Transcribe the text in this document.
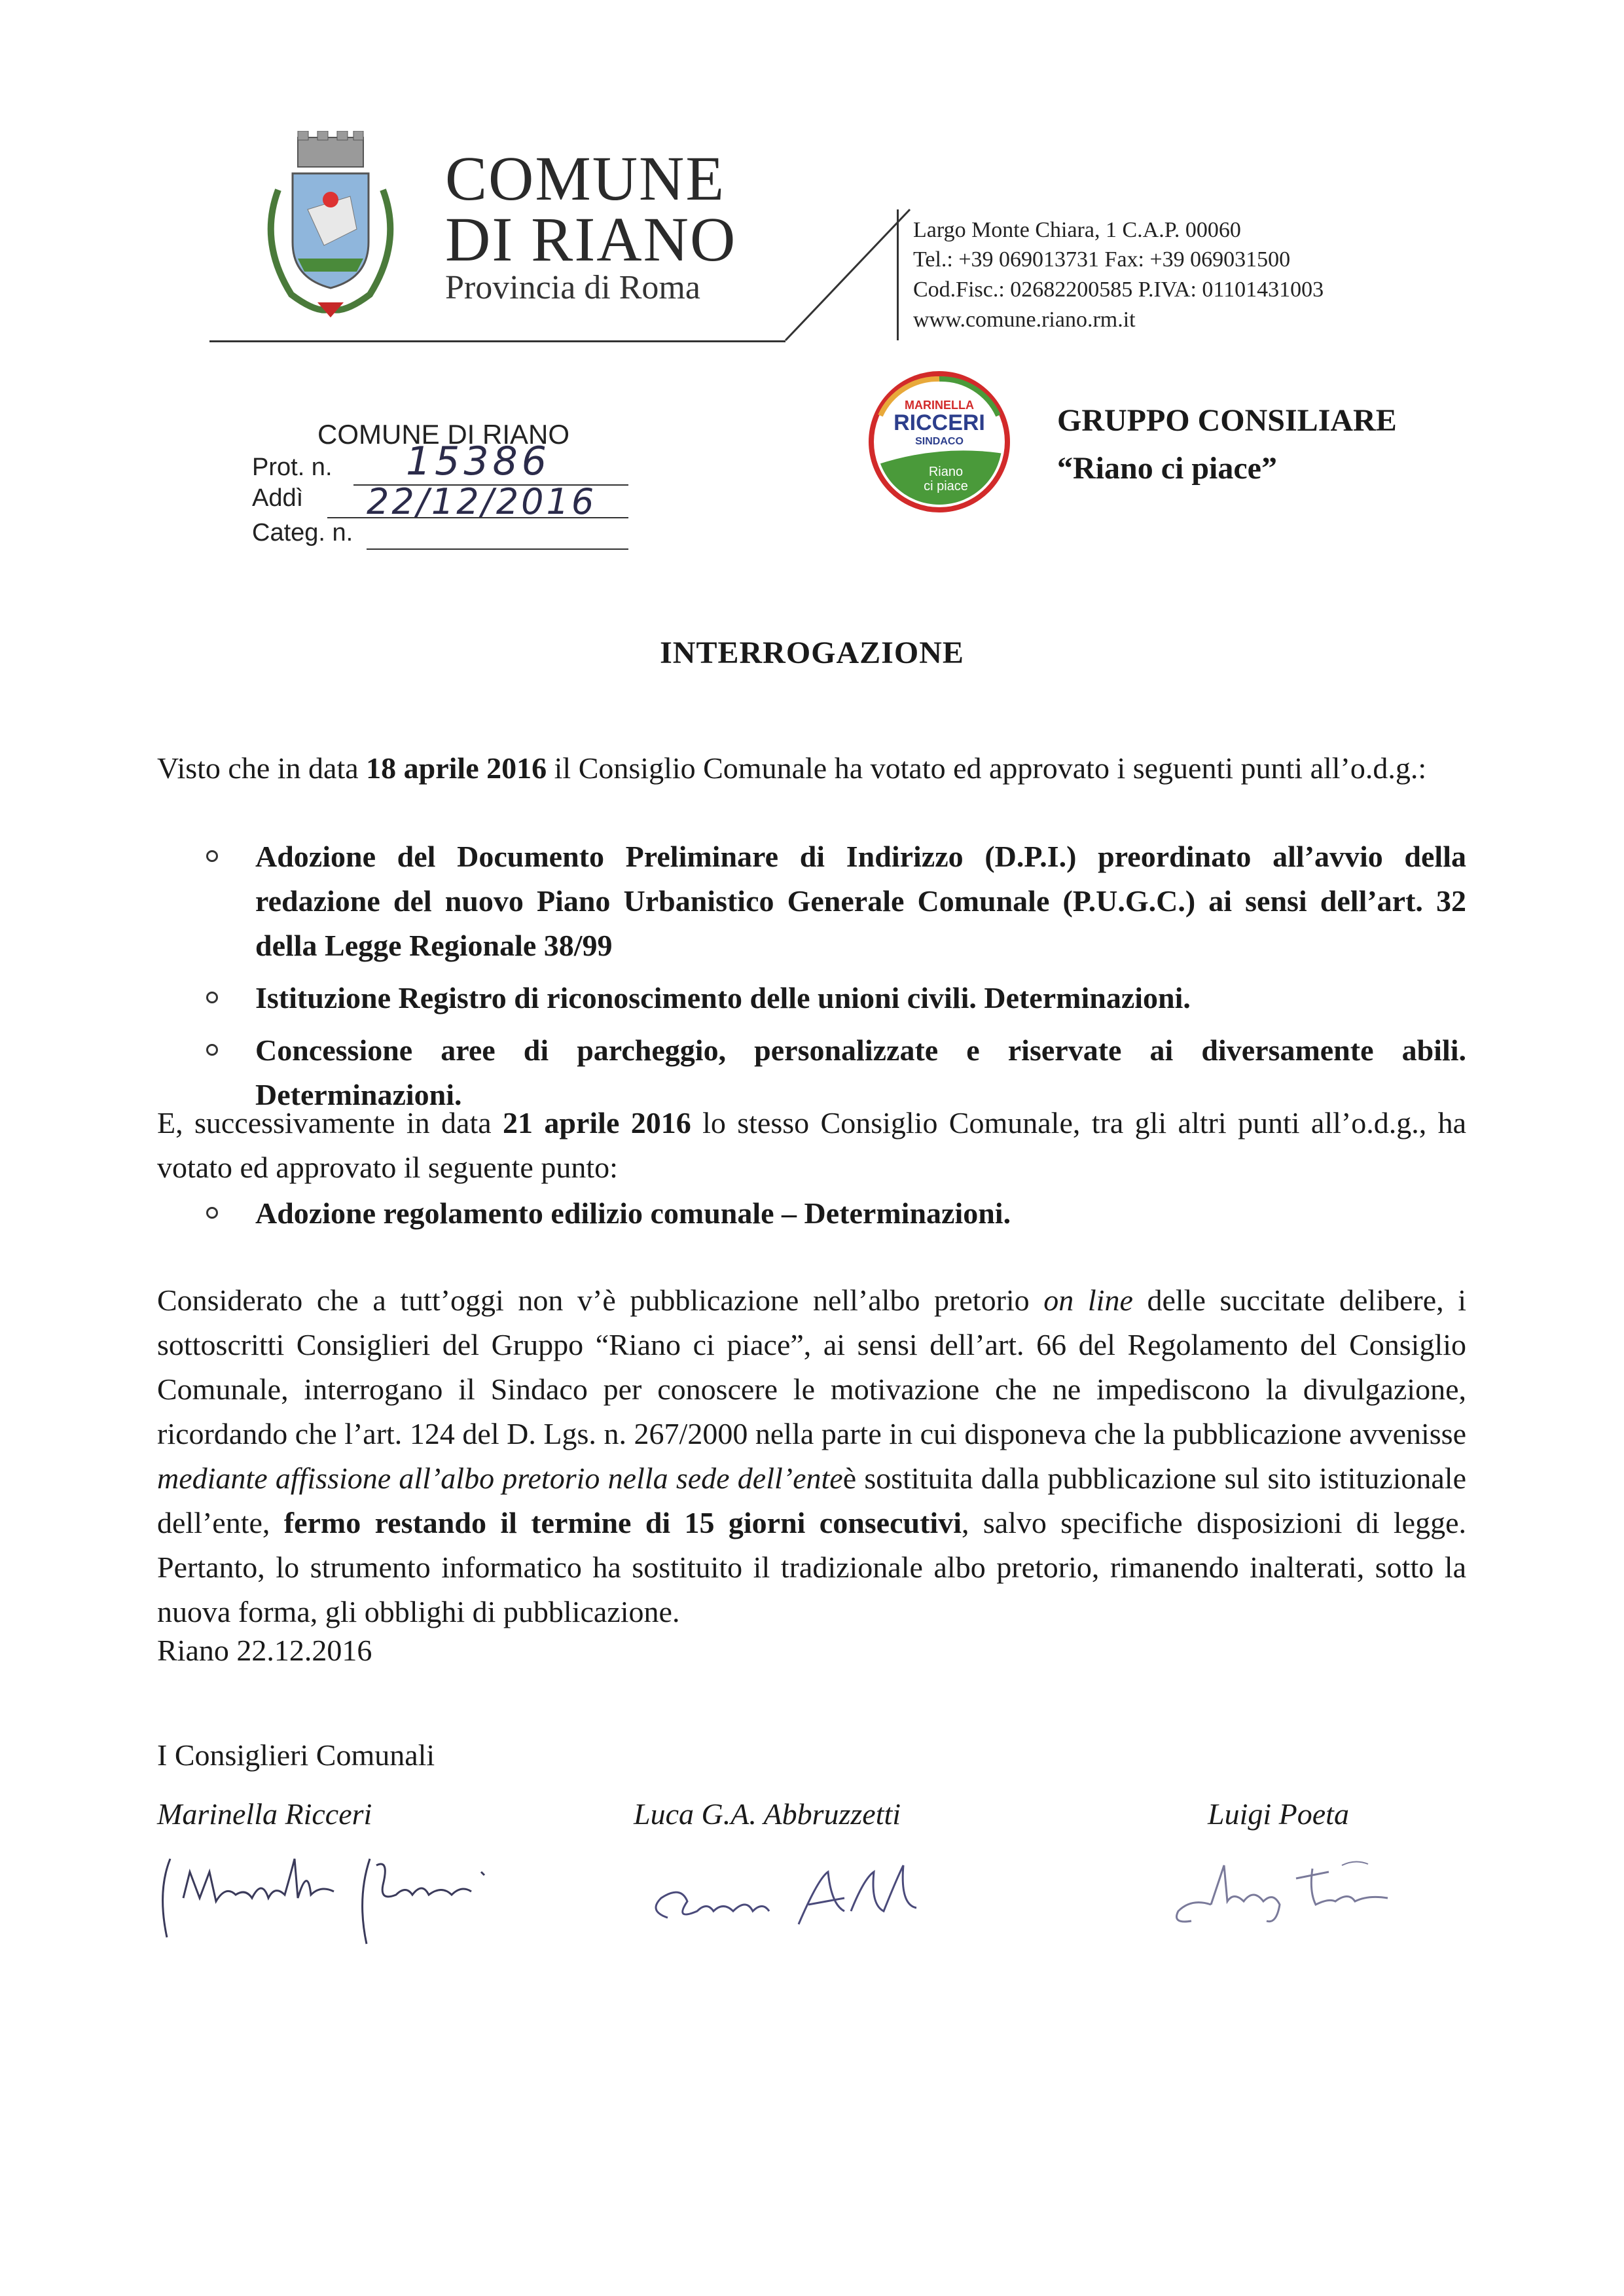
COMUNE
DI RIANO
Provincia di Roma
Largo Monte Chiara, 1 C.A.P. 00060
Tel.: +39 069013731 Fax: +39 069031500
Cod.Fisc.: 02682200585 P.IVA: 01101431003
www.comune.riano.rm.it
COMUNE DI RIANO
Prot. n.
Addì
Categ. n.
15386
22/12/2016
MARINELLA
RICCERI
SINDACO
Riano
ci piace
GRUPPO CONSILIARE
“Riano ci piace”
INTERROGAZIONE
Visto che in data 18 aprile 2016 il Consiglio Comunale ha votato ed approvato i seguenti punti all’o.d.g.:
Adozione del Documento Preliminare di Indirizzo (D.P.I.) preordinato all’avvio della redazione del nuovo Piano Urbanistico Generale Comunale (P.U.G.C.) ai sensi dell’art. 32 della Legge Regionale 38/99
Istituzione Registro di riconoscimento delle unioni civili. Determinazioni.
Concessione aree di parcheggio, personalizzate e riservate ai diversamente abili. Determinazioni.
E, successivamente in data 21 aprile 2016 lo stesso Consiglio Comunale, tra gli altri punti all’o.d.g., ha votato ed approvato il seguente punto:
Adozione regolamento edilizio comunale – Determinazioni.
Considerato che a tutt’oggi non v’è pubblicazione nell’albo pretorio on line delle succitate delibere, i sottoscritti Consiglieri del Gruppo “Riano ci piace”, ai sensi dell’art. 66 del Regolamento del Consiglio Comunale, interrogano il Sindaco per conoscere le motivazione che ne impediscono la divulgazione, ricordando che l’art. 124 del D. Lgs. n. 267/2000 nella parte in cui disponeva che la pubblicazione avvenisse mediante affissione all’albo pretorio nella sede dell’enteè sostituita dalla pubblicazione sul sito istituzionale dell’ente, fermo restando il termine di 15 giorni consecutivi, salvo specifiche disposizioni di legge. Pertanto, lo strumento informatico ha sostituito il tradizionale albo pretorio, rimanendo inalterati, sotto la nuova forma, gli obblighi di pubblicazione.
Riano 22.12.2016
I Consiglieri Comunali
Marinella Ricceri	Luca G.A. Abbruzzetti	Luigi Poeta
